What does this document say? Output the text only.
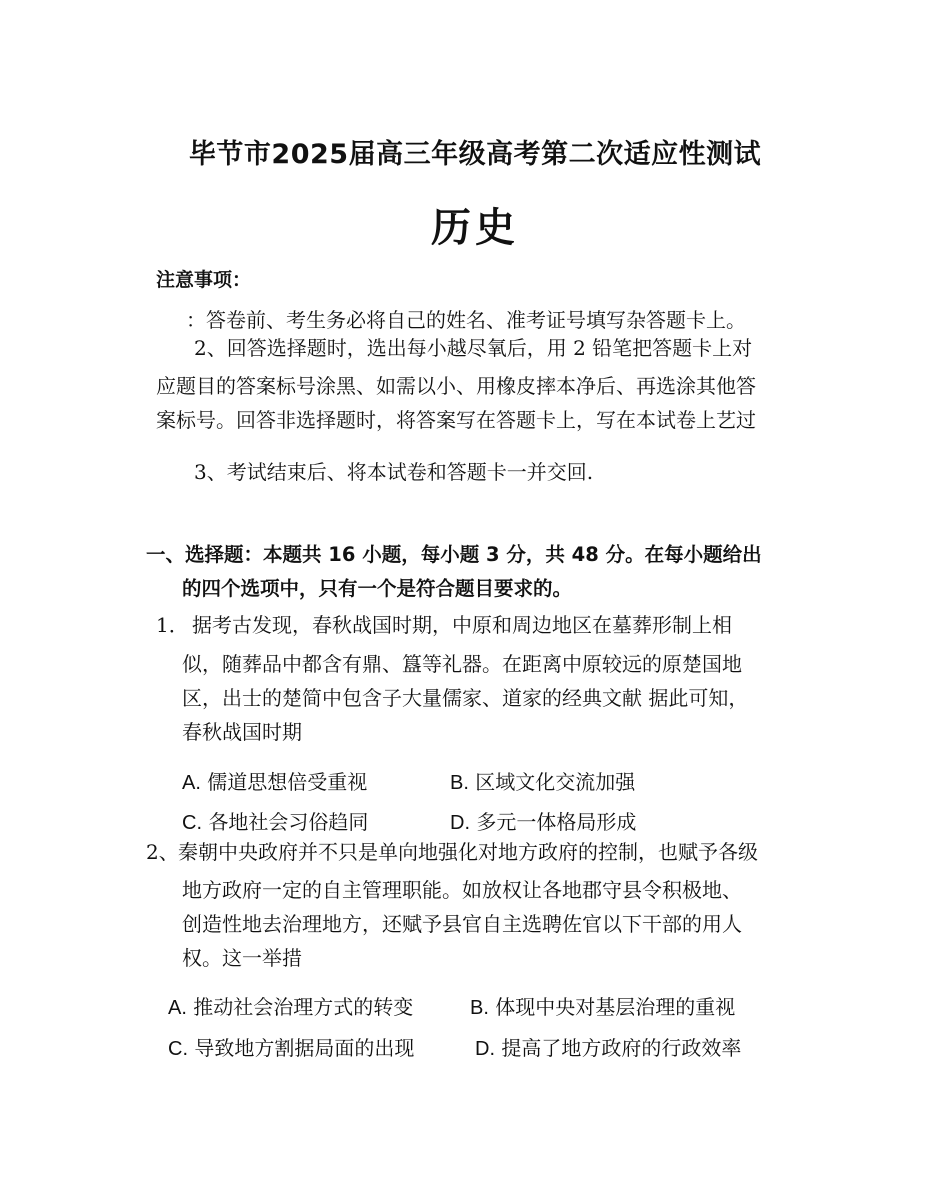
毕节市2025届高三年级高考第二次适应性测试
历史
注意事项：
：答卷前、考生务必将自己的姓名、准考证号填写杂答题卡上。
2、回答选择题时，选出每小越尽氧后，用 2 铅笔把答题卡上对
应题目的答案标号涂黑、如需以小、用橡皮摔本净后、再选涂其他答
案标号。回答非选择题时，将答案写在答题卡上，写在本试卷上艺过
3、考试结束后、将本试卷和答题卡一并交回.
一、选择题：本题共 16 小题，每小题 3 分，共 48 分。在每小题给出
的四个选项中，只有一个是符合题目要求的。
1． 据考古发现，春秋战国时期，中原和周边地区在墓葬形制上相
似，随葬品中都含有鼎、簋等礼器。在距离中原较远的原楚国地
区，出士的楚简中包含子大量儒家、道家的经典文献 据此可知，
春秋战国时期
A. 儒道思想倍受重视	B. 区域文化交流加强
C. 各地社会习俗趋同	D. 多元一体格局形成
2、 秦朝中央政府并不只是单向地强化对地方政府的控制，也赋予各级
地方政府一定的自主管理职能。如放权让各地郡守县令积极地、
创造性地去治理地方，还赋予县官自主选聘佐官以下干部的用人
权。这一举措
A. 推动社会治理方式的转变	B. 体现中央对基层治理的重视
C. 导致地方割据局面的出现	D. 提高了地方政府的行政效率
